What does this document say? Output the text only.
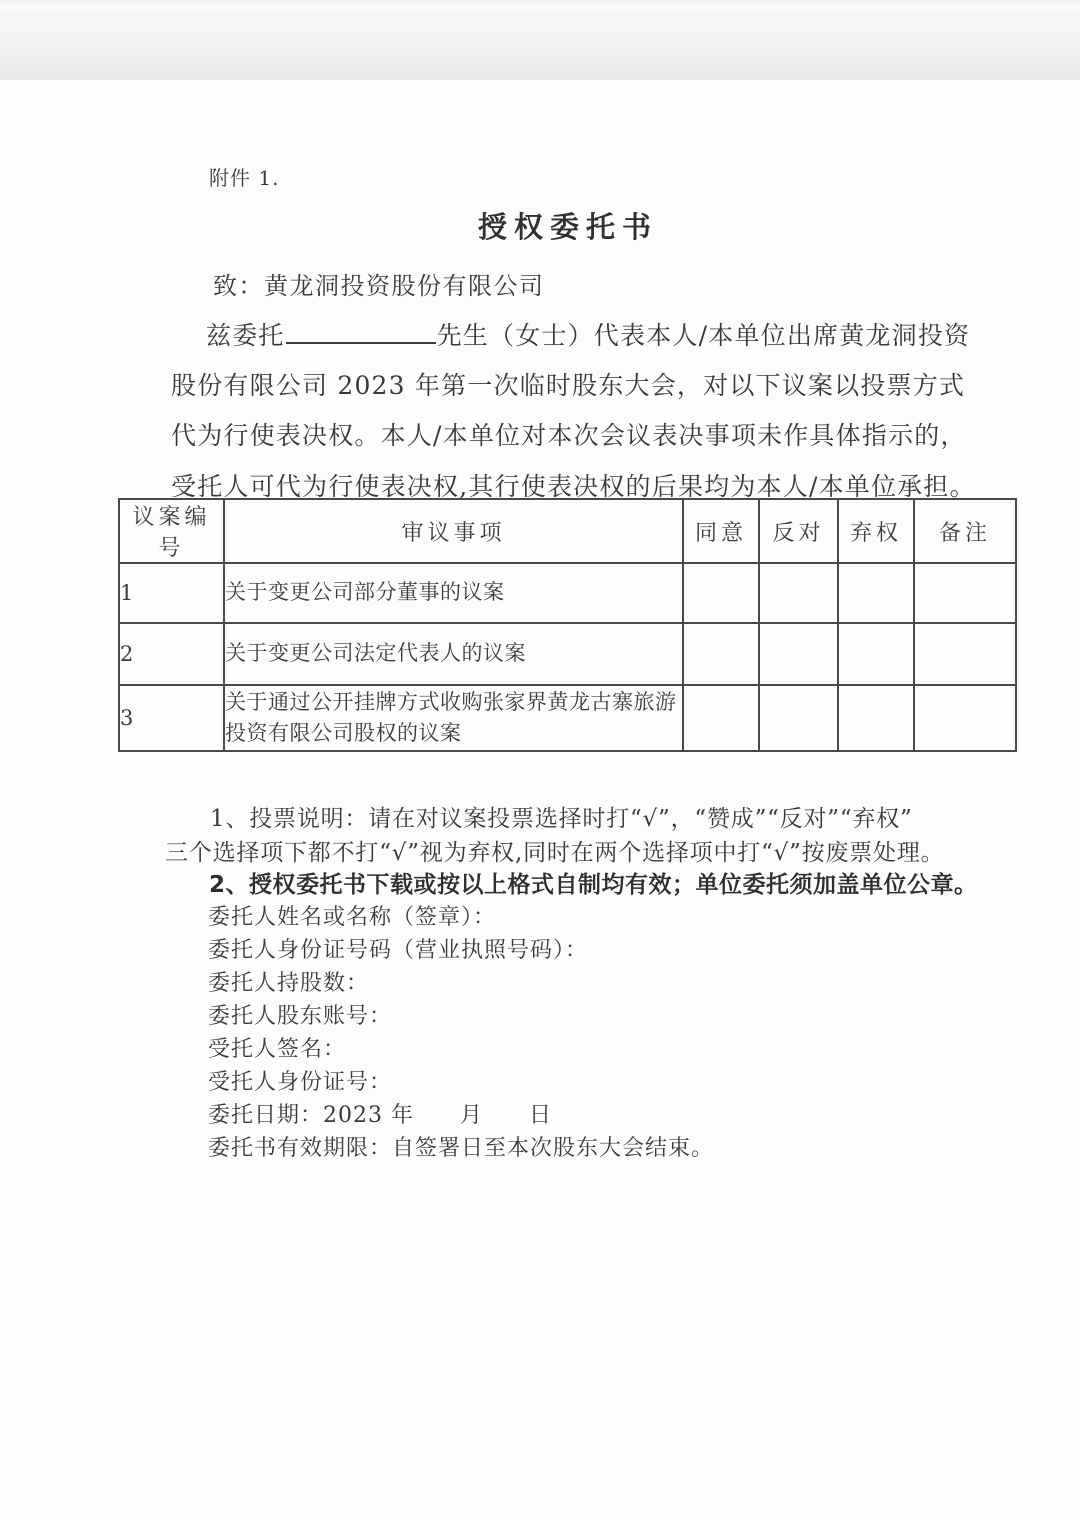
附件 1.
授权委托书
致：黄龙洞投资股份有限公司
兹委托	先生（女士）代表本人/本单位出席黄龙洞投资
股份有限公司 2023 年第一次临时股东大会，对以下议案以投票方式
代为行使表决权。本人/本单位对本次会议表决事项未作具体指示的，
受托人可代为行使表决权,其行使表决权的后果均为本人/本单位承担。
议案编号	审议事项	同意	反对	弃权	备注
1	关于变更公司部分董事的议案				
2	关于变更公司法定代表人的议案				
3	关于通过公开挂牌方式收购张家界黄龙古寨旅游投资有限公司股权的议案				
1、投票说明：请在对议案投票选择时打“√”，“赞成”“反对”“弃权”
三个选择项下都不打“√”视为弃权,同时在两个选择项中打“√”按废票处理。
2、授权委托书下载或按以上格式自制均有效；单位委托须加盖单位公章。
委托人姓名或名称（签章）：
委托人身份证号码（营业执照号码）：
委托人持股数：
委托人股东账号：
受托人签名：
受托人身份证号：
委托日期：2023 年　　月　　日
委托书有效期限：自签署日至本次股东大会结束。
